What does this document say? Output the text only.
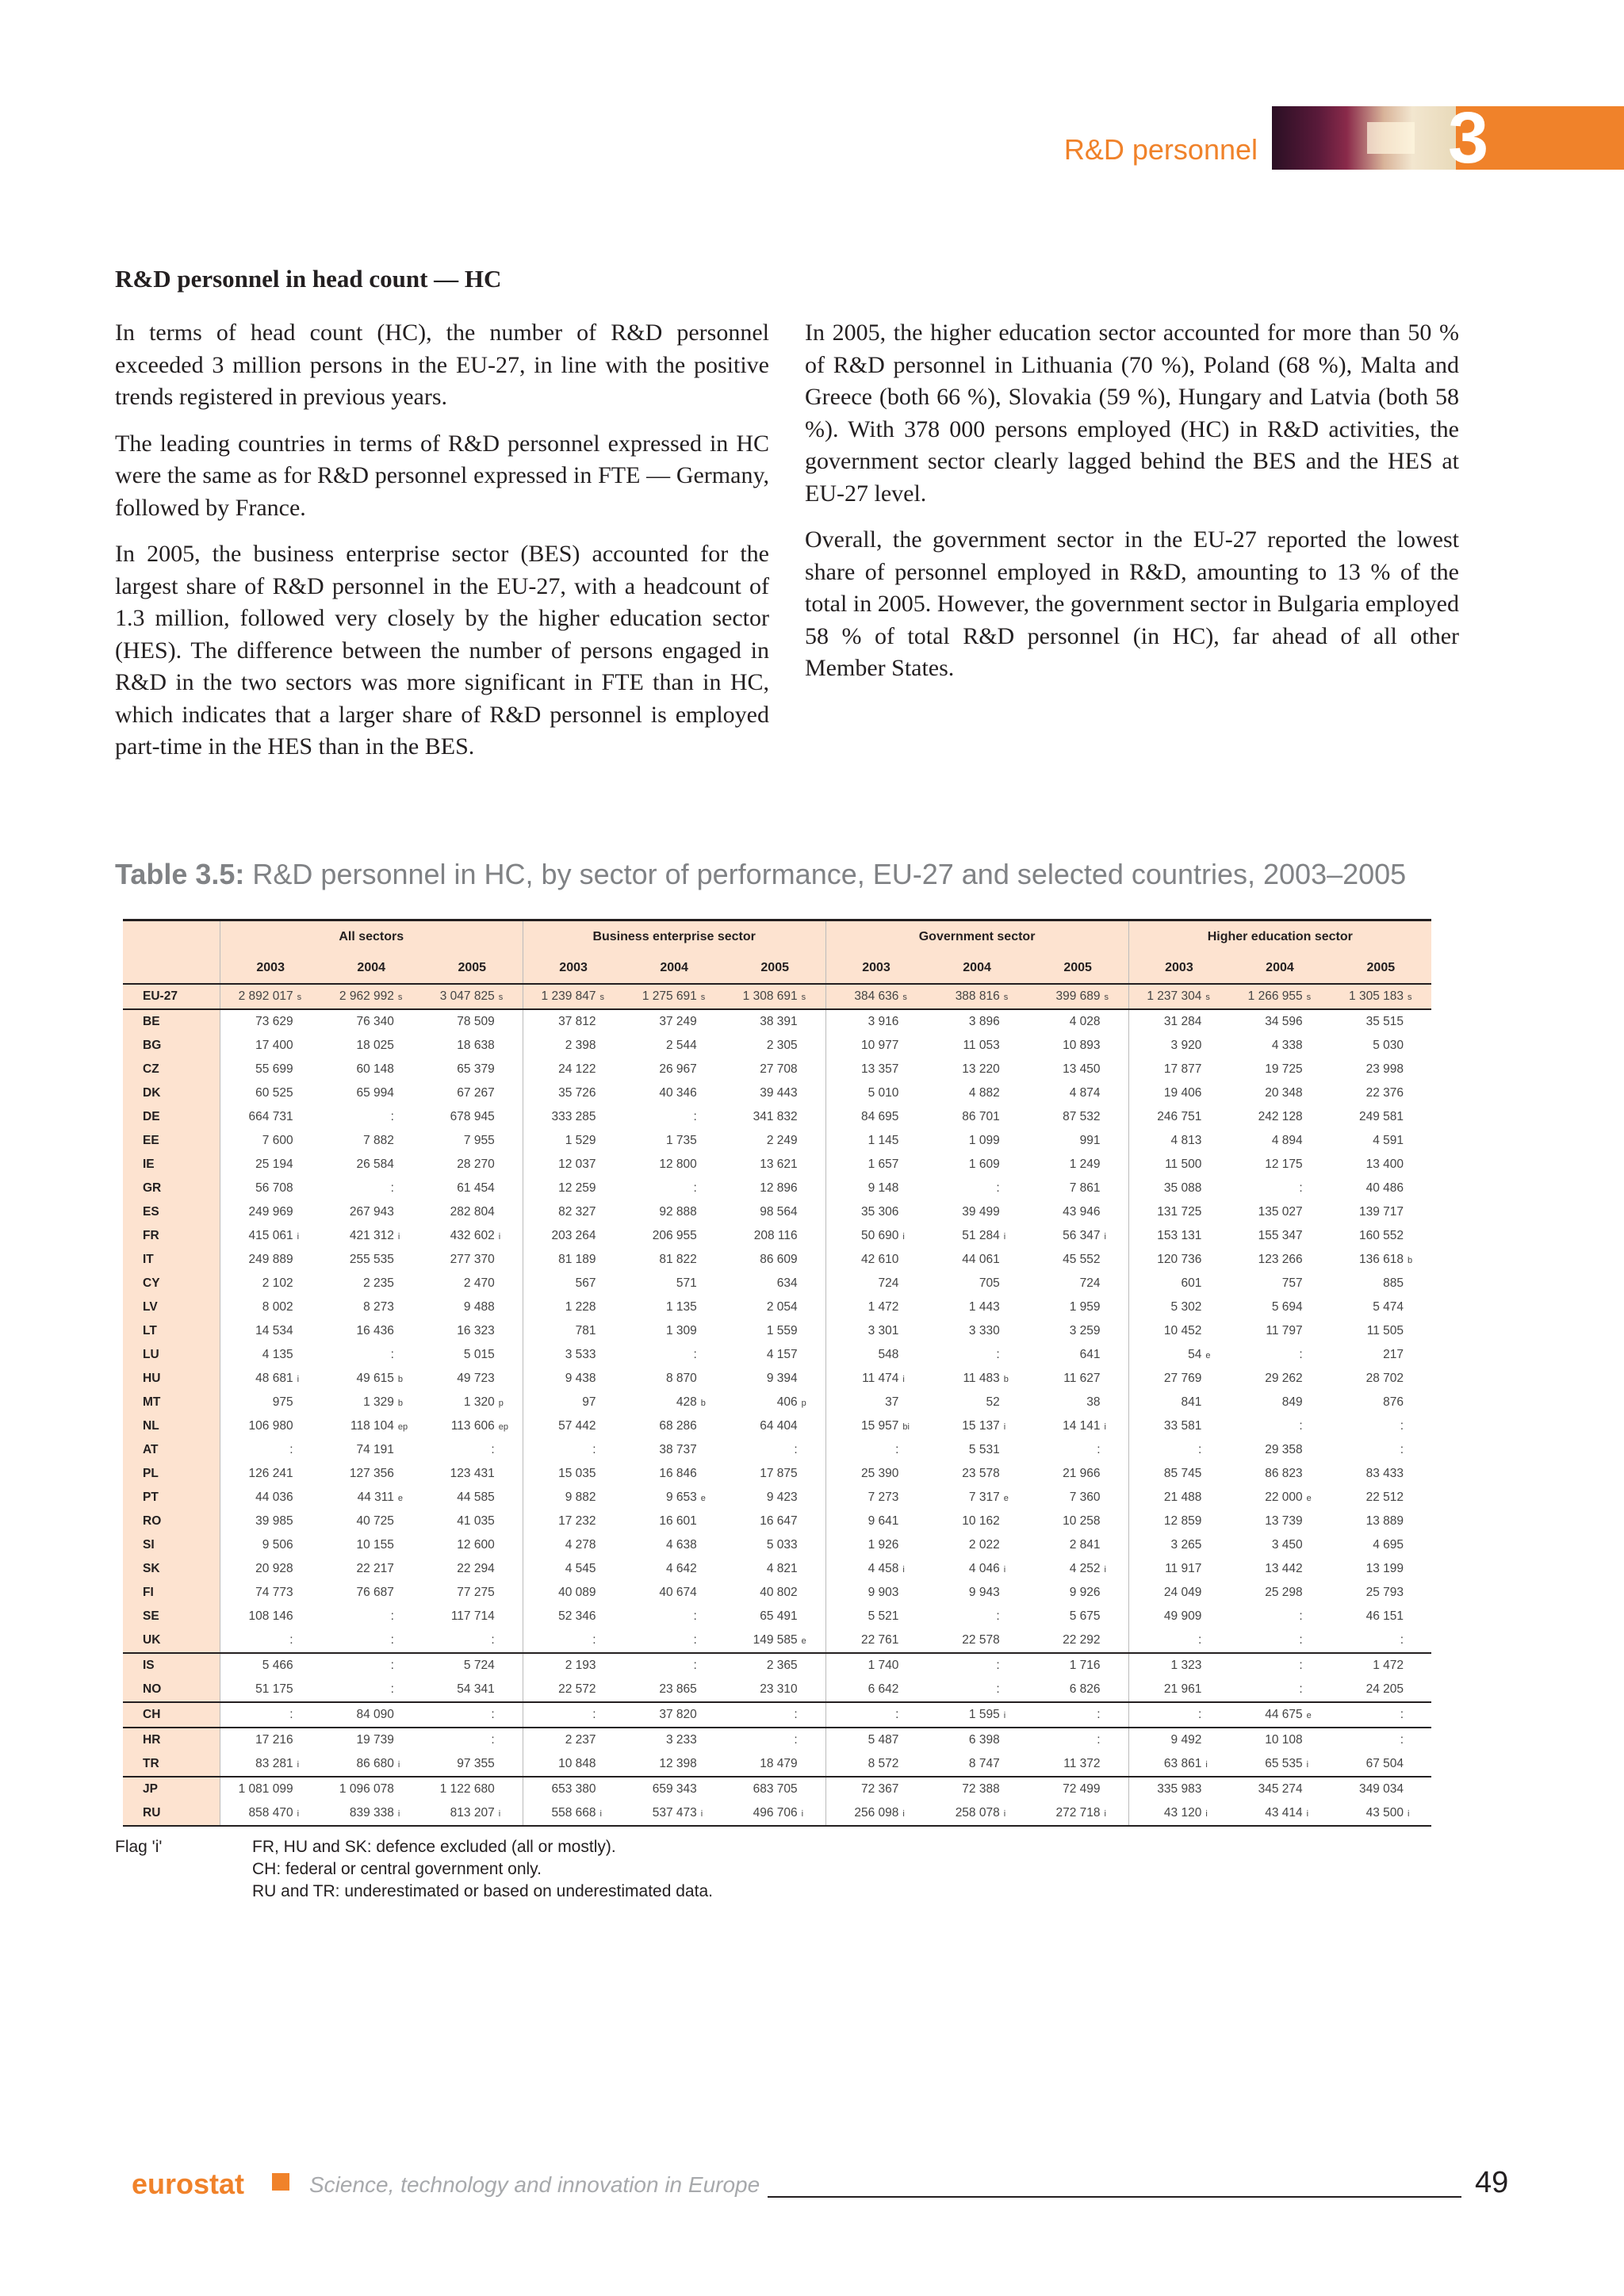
R&D personnel	3
R&D personnel in head count — HC

In terms of head count (HC), the number of R&D personnel exceeded 3 million persons in the EU-27, in line with the positive trends registered in previous years.

The leading countries in terms of R&D personnel expressed in HC were the same as for R&D personnel expressed in FTE — Germany, followed by France.

In 2005, the business enterprise sector (BES) accounted for the largest share of R&D personnel in the EU-27, with a headcount of 1.3 million, followed very closely by the higher education sector (HES). The difference between the number of persons engaged in R&D in the two sectors was more significant in FTE than in HC, which indicates that a larger share of R&D personnel is employed part-time in the HES than in the BES.

In 2005, the higher education sector accounted for more than 50 % of R&D personnel in Lithuania (70 %), Poland (68 %), Malta and Greece (both 66 %), Slovakia (59 %), Hungary and Latvia (both 58 %). With 378 000 persons employed (HC) in R&D activities, the government sector clearly lagged behind the BES and the HES at EU-27 level.

Overall, the government sector in the EU-27 reported the lowest share of personnel employed in R&D, amounting to 13 % of the total in 2005. However, the government sector in Bulgaria employed 58 % of total R&D personnel (in HC), far ahead of all other Member States.

Table 3.5: R&D personnel in HC, by sector of performance, EU-27 and selected countries, 2003–2005
	All sectors			Business enterprise sector			Government sector			Higher education sector		
	2003	2004	2005	2003	2004	2005	2003	2004	2005	2003	2004	2005
EU-27	2 892 017 s	2 962 992 s	3 047 825 s	1 239 847 s	1 275 691 s	1 308 691 s	384 636 s	388 816 s	399 689 s	1 237 304 s	1 266 955 s	1 305 183 s
BE	73 629	76 340	78 509	37 812	37 249	38 391	3 916	3 896	4 028	31 284	34 596	35 515
BG	17 400	18 025	18 638	2 398	2 544	2 305	10 977	11 053	10 893	3 920	4 338	5 030
CZ	55 699	60 148	65 379	24 122	26 967	27 708	13 357	13 220	13 450	17 877	19 725	23 998
DK	60 525	65 994	67 267	35 726	40 346	39 443	5 010	4 882	4 874	19 406	20 348	22 376
DE	664 731	:	678 945	333 285	:	341 832	84 695	86 701	87 532	246 751	242 128	249 581
EE	7 600	7 882	7 955	1 529	1 735	2 249	1 145	1 099	991	4 813	4 894	4 591
IE	25 194	26 584	28 270	12 037	12 800	13 621	1 657	1 609	1 249	11 500	12 175	13 400
GR	56 708	:	61 454	12 259	:	12 896	9 148	:	7 861	35 088	:	40 486
ES	249 969	267 943	282 804	82 327	92 888	98 564	35 306	39 499	43 946	131 725	135 027	139 717
FR	415 061 i	421 312 i	432 602 i	203 264	206 955	208 116	50 690 i	51 284 i	56 347 i	153 131	155 347	160 552
IT	249 889	255 535	277 370	81 189	81 822	86 609	42 610	44 061	45 552	120 736	123 266	136 618 b
CY	2 102	2 235	2 470	567	571	634	724	705	724	601	757	885
LV	8 002	8 273	9 488	1 228	1 135	2 054	1 472	1 443	1 959	5 302	5 694	5 474
LT	14 534	16 436	16 323	781	1 309	1 559	3 301	3 330	3 259	10 452	11 797	11 505
LU	4 135	:	5 015	3 533	:	4 157	548	:	641	54 e	:	217
HU	48 681 i	49 615 b	49 723	9 438	8 870	9 394	11 474 i	11 483 b	11 627	27 769	29 262	28 702
MT	975	1 329 b	1 320 p	97	428 b	406 p	37	52	38	841	849	876
NL	106 980	118 104 ep	113 606 ep	57 442	68 286	64 404	15 957 bi	15 137 i	14 141 i	33 581	:	:
AT	:	74 191	:	:	38 737	:	:	5 531	:	:	29 358	:
PL	126 241	127 356	123 431	15 035	16 846	17 875	25 390	23 578	21 966	85 745	86 823	83 433
PT	44 036	44 311 e	44 585	9 882	9 653 e	9 423	7 273	7 317 e	7 360	21 488	22 000 e	22 512
RO	39 985	40 725	41 035	17 232	16 601	16 647	9 641	10 162	10 258	12 859	13 739	13 889
SI	9 506	10 155	12 600	4 278	4 638	5 033	1 926	2 022	2 841	3 265	3 450	4 695
SK	20 928	22 217	22 294	4 545	4 642	4 821	4 458 i	4 046 i	4 252 i	11 917	13 442	13 199
FI	74 773	76 687	77 275	40 089	40 674	40 802	9 903	9 943	9 926	24 049	25 298	25 793
SE	108 146	:	117 714	52 346	:	65 491	5 521	:	5 675	49 909	:	46 151
UK	:	:	:	:	:	149 585 e	22 761	22 578	22 292	:	:	:
IS	5 466	:	5 724	2 193	:	2 365	1 740	:	1 716	1 323	:	1 472
NO	51 175	:	54 341	22 572	23 865	23 310	6 642	:	6 826	21 961	:	24 205
CH	:	84 090	:	:	37 820	:	:	1 595 i	:	:	44 675 e	:
HR	17 216	19 739	:	2 237	3 233	:	5 487	6 398	:	9 492	10 108	:
TR	83 281 i	86 680 i	97 355	10 848	12 398	18 479	8 572	8 747	11 372	63 861 i	65 535 i	67 504
JP	1 081 099	1 096 078	1 122 680	653 380	659 343	683 705	72 367	72 388	72 499	335 983	345 274	349 034
RU	858 470 i	839 338 i	813 207 i	558 668 i	537 473 i	496 706 i	256 098 i	258 078 i	272 718 i	43 120 i	43 414 i	43 500 i
Flag 'i'	FR, HU and SK: defence excluded (all or mostly).
CH: federal or central government only.
RU and TR: underestimated or based on underestimated data.
eurostat	Science, technology and innovation in Europe	49
